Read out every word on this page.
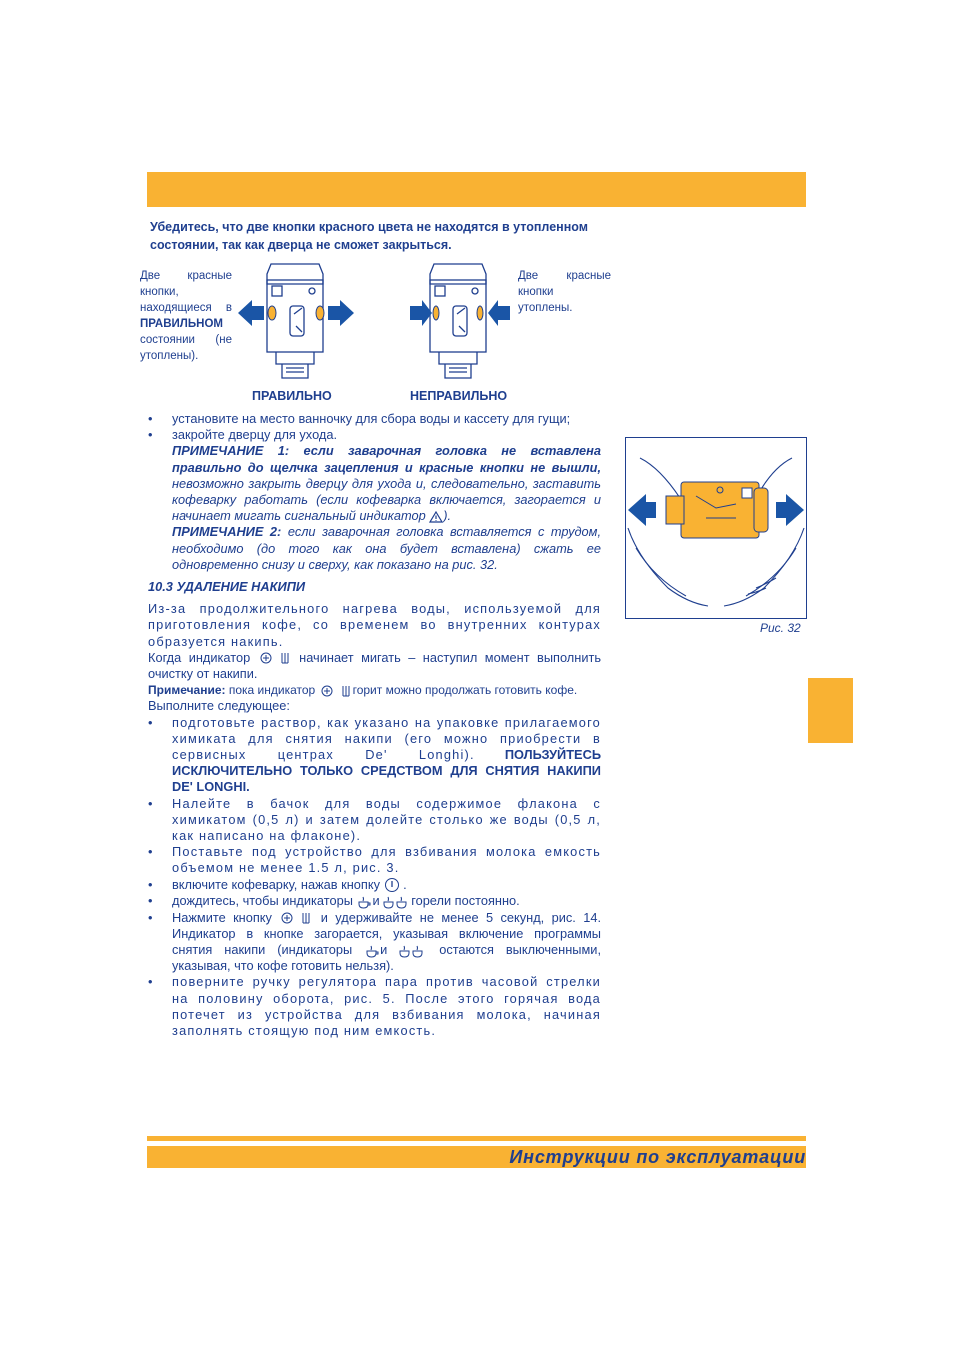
Убедитесь, что две кнопки красного цвета не находятся в утопленном состоянии, так как дверца не сможет закрыться.
Две красные кнопки, находящиеся в ПРАВИЛЬНОМ состоянии (не утоплены).
Две красные кнопки утоплены.
ПРАВИЛЬНО	НЕПРАВИЛЬНО
•	установите на место ванночку для сбора воды и кассету для гущи;
•	закройте дверцу для ухода.
ПРИМЕЧАНИЕ 1: если заварочная головка не вставлена правильно до щелчка зацепления и красные кнопки не вышли, невозможно закрыть дверцу для ухода и, следовательно, заставить кофеварку работать (если кофеварка включается, загорается и начинает мигать сигнальный индикатор ).
ПРИМЕЧАНИЕ 2: если заварочная головка вставляется с трудом, необходимо (до того как она будет вставлена) сжать ее одновременно снизу и сверху, как показано на рис. 32.
10.3 УДАЛЕНИЕ НАКИПИ
Из-за продолжительного нагрева воды, используемой для приготовления кофе, со временем во внутренних контурах образуется накипь.
Когда индикатор	начинает мигать – наступил момент выполнить очистку от накипи.
Примечание: пока индикатор	горит можно продолжать готовить кофе.
Выполните следующее:
•	подготовьте раствор, как указано на упаковке прилагаемого химиката для снятия накипи (его можно приобрести в сервисных центрах De' Longhi). ПОЛЬЗУЙТЕСЬ ИСКЛЮЧИТЕЛЬНО ТОЛЬКО СРЕДСТВОМ ДЛЯ СНЯТИЯ НАКИПИ DE' LONGHI.
•	Налейте в бачок для воды содержимое флакона с химикатом (0,5 л) и затем долейте столько же воды (0,5 л, как написано на флаконе).
•	Поставьте под устройство для взбивания молока емкость объемом не менее 1.5 л, рис. 3.
•	включите кофеварку, нажав кнопку .
•	дождитесь, чтобы индикаторы и горели постоянно.
•	Нажмите кнопку	и удерживайте не менее 5 секунд, рис. 14. Индикатор в кнопке загорается, указывая включение программы снятия накипи (индикаторы и	остаются выключенными, указывая, что кофе готовить нельзя).
•	поверните ручку регулятора пара против часовой стрелки на половину оборота, рис. 5. После этого горячая вода потечет из устройства для взбивания молока, начиная заполнять стоящую под ним емкость.
Рис. 32
Инструкции по эксплуатации
